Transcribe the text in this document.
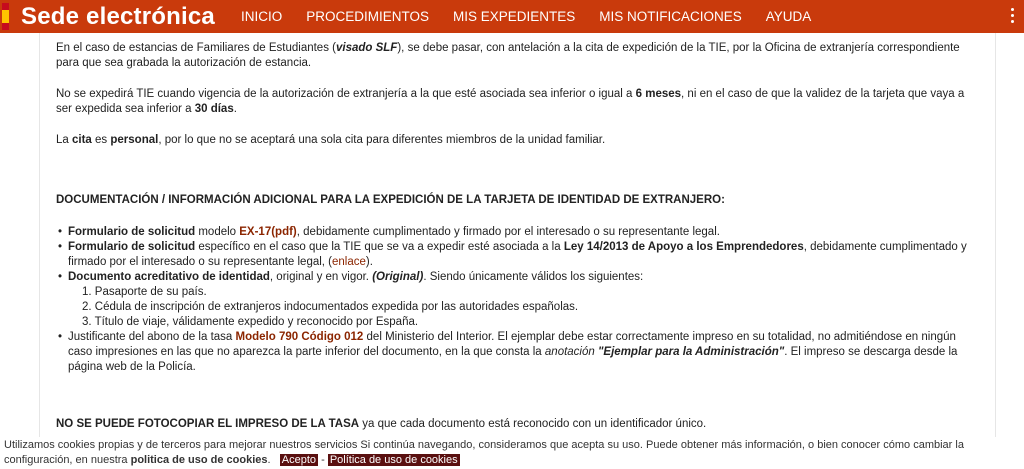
Sede electrónica	INICIO	PROCEDIMIENTOS	MIS EXPEDIENTES	MIS NOTIFICACIONES	AYUDA

En el caso de estancias de Familiares de Estudiantes (visado SLF), se debe pasar, con antelación a la cita de expedición de la TIE, por la Oficina de extranjería correspondiente para que sea grabada la autorización de estancia.

No se expedirá TIE cuando vigencia de la autorización de extranjería a la que esté asociada sea inferior o igual a 6 meses, ni en el caso de que la validez de la tarjeta que vaya a ser expedida sea inferior a 30 días.

La cita es personal, por lo que no se aceptará una sola cita para diferentes miembros de la unidad familiar.

DOCUMENTACIÓN / INFORMACIÓN ADICIONAL PARA LA EXPEDICIÓN DE LA TARJETA DE IDENTIDAD DE EXTRANJERO:

• Formulario de solicitud modelo EX-17(pdf), debidamente cumplimentado y firmado por el interesado o su representante legal.
• Formulario de solicitud específico en el caso que la TIE que se va a expedir esté asociada a la Ley 14/2013 de Apoyo a los Emprendedores, debidamente cumplimentado y firmado por el interesado o su representante legal, (enlace).
• Documento acreditativo de identidad, original y en vigor. (Original). Siendo únicamente válidos los siguientes:
1. Pasaporte de su país.
2. Cédula de inscripción de extranjeros indocumentados expedida por las autoridades españolas.
3. Título de viaje, válidamente expedido y reconocido por España.
• Justificante del abono de la tasa Modelo 790 Código 012 del Ministerio del Interior. El ejemplar debe estar correctamente impreso en su totalidad, no admitiéndose en ningún caso impresiones en las que no aparezca la parte inferior del documento, en la que consta la anotación "Ejemplar para la Administración". El impreso se descarga desde la página web de la Policía.

NO SE PUEDE FOTOCOPIAR EL IMPRESO DE LA TASA ya que cada documento está reconocido con un identificador único.

Utilizamos cookies propias y de terceros para mejorar nuestros servicios Si continúa navegando, consideramos que acepta su uso. Puede obtener más información, o bien conocer cómo cambiar la configuración, en nuestra politica de uso de cookies. Acepto - Política de uso de cookies
